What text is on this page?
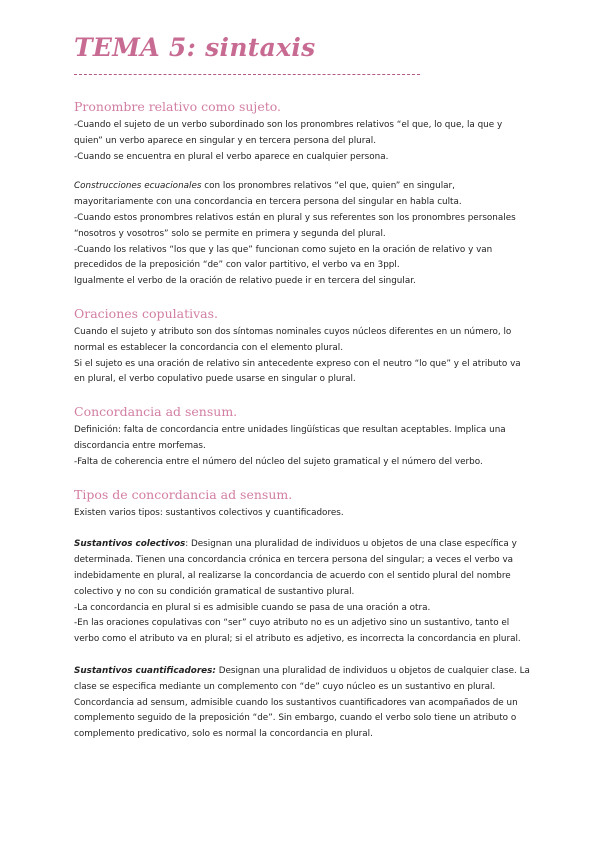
TEMA 5: sintaxis
Pronombre relativo como sujeto.

-Cuando el sujeto de un verbo subordinado son los pronombres relativos “el que, lo que, la que y

quien” un verbo aparece en singular y en tercera persona del plural.

-Cuando se encuentra en plural el verbo aparece en cualquier persona.

Construcciones ecuacionales con los pronombres relativos “el que, quien” en singular,

mayoritariamente con una concordancia en tercera persona del singular en habla culta.

-Cuando estos pronombres relativos están en plural y sus referentes son los pronombres personales

“nosotros y vosotros” solo se permite en primera y segunda del plural.

-Cuando los relativos “los que y las que” funcionan como sujeto en la oración de relativo y van

precedidos de la preposición “de” con valor partitivo, el verbo va en 3ppl.

Igualmente el verbo de la oración de relativo puede ir en tercera del singular.

Oraciones copulativas.

Cuando el sujeto y atributo son dos síntomas nominales cuyos núcleos diferentes en un número, lo

normal es establecer la concordancia con el elemento plural.

Si el sujeto es una oración de relativo sin antecedente expreso con el neutro “lo que” y el atributo va

en plural, el verbo copulativo puede usarse en singular o plural.

Concordancia ad sensum.

Definición: falta de concordancia entre unidades lingüísticas que resultan aceptables. Implica una

discordancia entre morfemas.

-Falta de coherencia entre el número del núcleo del sujeto gramatical y el número del verbo.

Tipos de concordancia ad sensum.

Existen varios tipos: sustantivos colectivos y cuantificadores.

Sustantivos colectivos: Designan una pluralidad de individuos u objetos de una clase específica y

determinada. Tienen una concordancia crónica en tercera persona del singular; a veces el verbo va

indebidamente en plural, al realizarse la concordancia de acuerdo con el sentido plural del nombre

colectivo y no con su condición gramatical de sustantivo plural.

-La concordancia en plural si es admisible cuando se pasa de una oración a otra.

-En las oraciones copulativas con “ser” cuyo atributo no es un adjetivo sino un sustantivo, tanto el

verbo como el atributo va en plural; si el atributo es adjetivo, es incorrecta la concordancia en plural.

Sustantivos cuantificadores: Designan una pluralidad de individuos u objetos de cualquier clase. La

clase se especifica mediante un complemento con “de” cuyo núcleo es un sustantivo en plural.

Concordancia ad sensum, admisible cuando los sustantivos cuantificadores van acompañados de un

complemento seguido de la preposición “de”. Sin embargo, cuando el verbo solo tiene un atributo o

complemento predicativo, solo es normal la concordancia en plural.
